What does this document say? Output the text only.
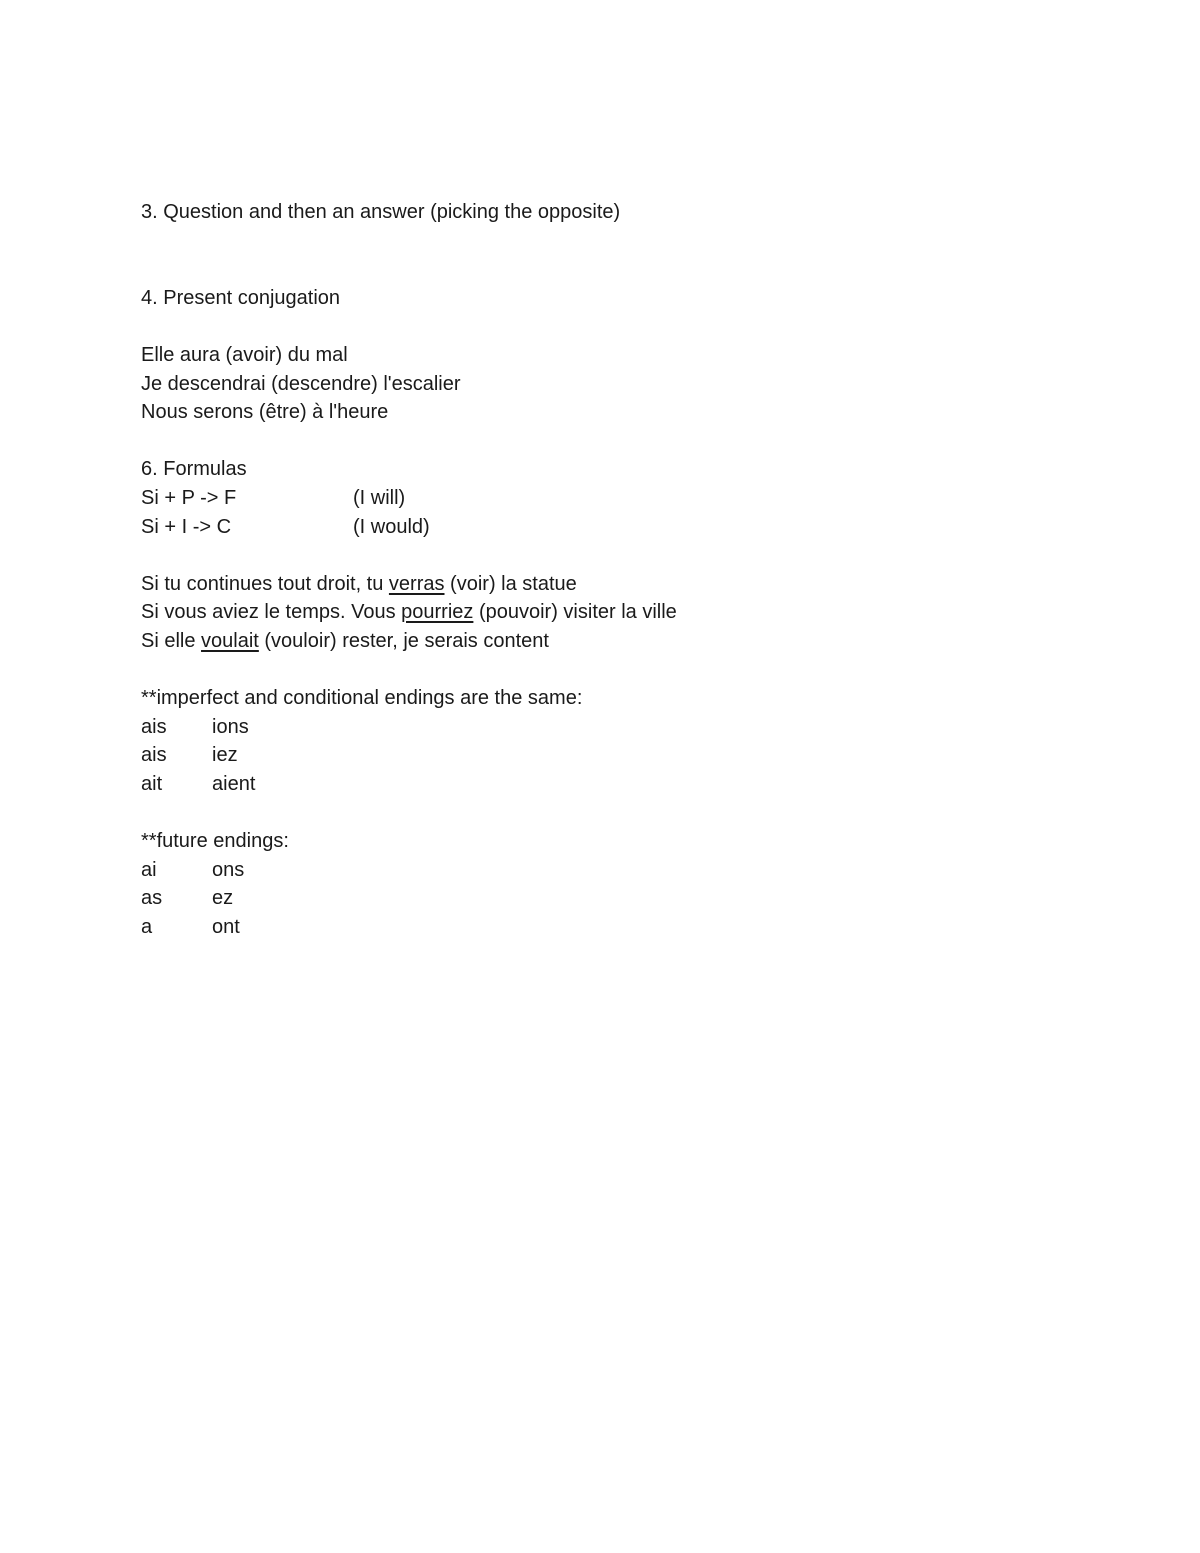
3. Question and then an answer (picking the opposite)
4. Present conjugation
Elle aura (avoir) du mal
Je descendrai (descendre) l'escalier
Nous serons (être) à l'heure
6. Formulas
Si + P -> F	(I will)
Si + I -> C	(I would)
Si tu continues tout droit, tu verras (voir) la statue
Si vous aviez le temps. Vous pourriez (pouvoir) visiter la ville
Si elle voulait (vouloir) rester, je serais content
**imperfect and conditional endings are the same:
ais ions
ais iez
ait aient
**future endings:
ai	ons
as ez
a	ont
